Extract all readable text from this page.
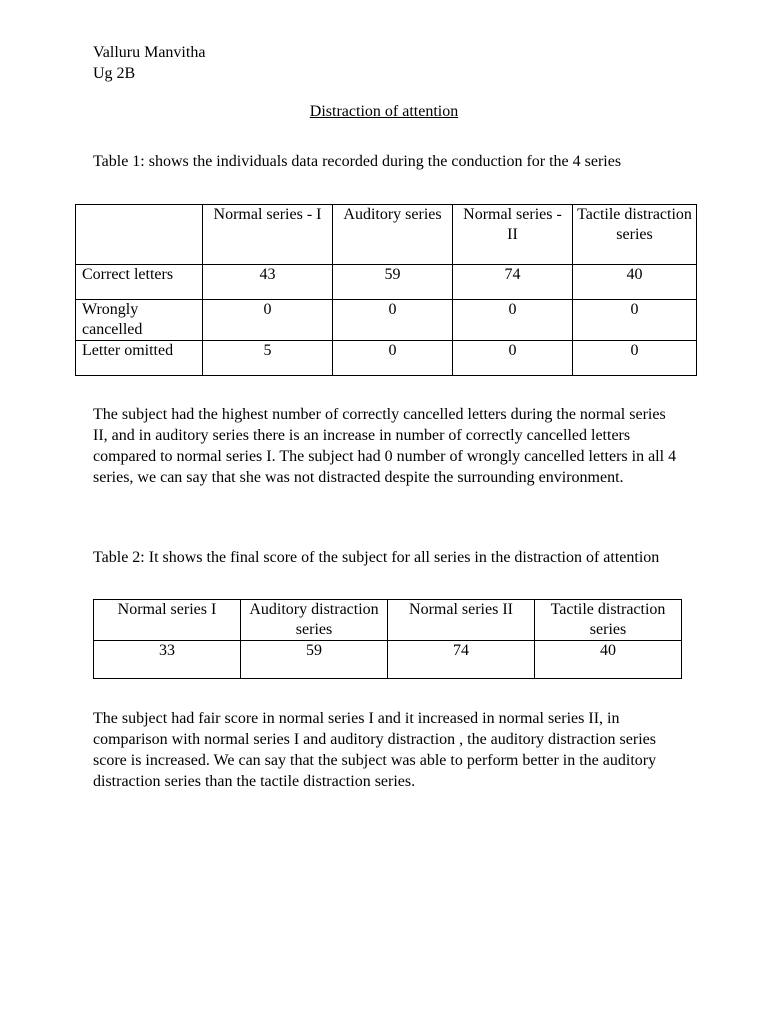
Valluru Manvitha
Ug 2B
Distraction of attention

Table 1: shows the individuals data recorded during the conduction for the 4 series

	Normal series - I	Auditory series	Normal series - II	Tactile distraction series
Correct letters	43	59	74	40
Wrongly cancelled	0	0	0	0
Letter omitted	5	0	0	0

The subject had the highest number of correctly cancelled letters during the normal series II, and in auditory series there is an increase in number of correctly cancelled letters compared to normal series I. The subject had 0 number of wrongly cancelled letters in all 4 series, we can say that she was not distracted despite the surrounding environment.

Table 2: It shows the final score of the subject for all series in the distraction of attention

Normal series I	Auditory distraction series	Normal series II	Tactile distraction series
33	59	74	40

The subject had fair score in normal series I and it increased in normal series II, in comparison with normal series I and auditory distraction , the auditory distraction series score is increased. We can say that the subject was able to perform better in the auditory distraction series than the tactile distraction series.
